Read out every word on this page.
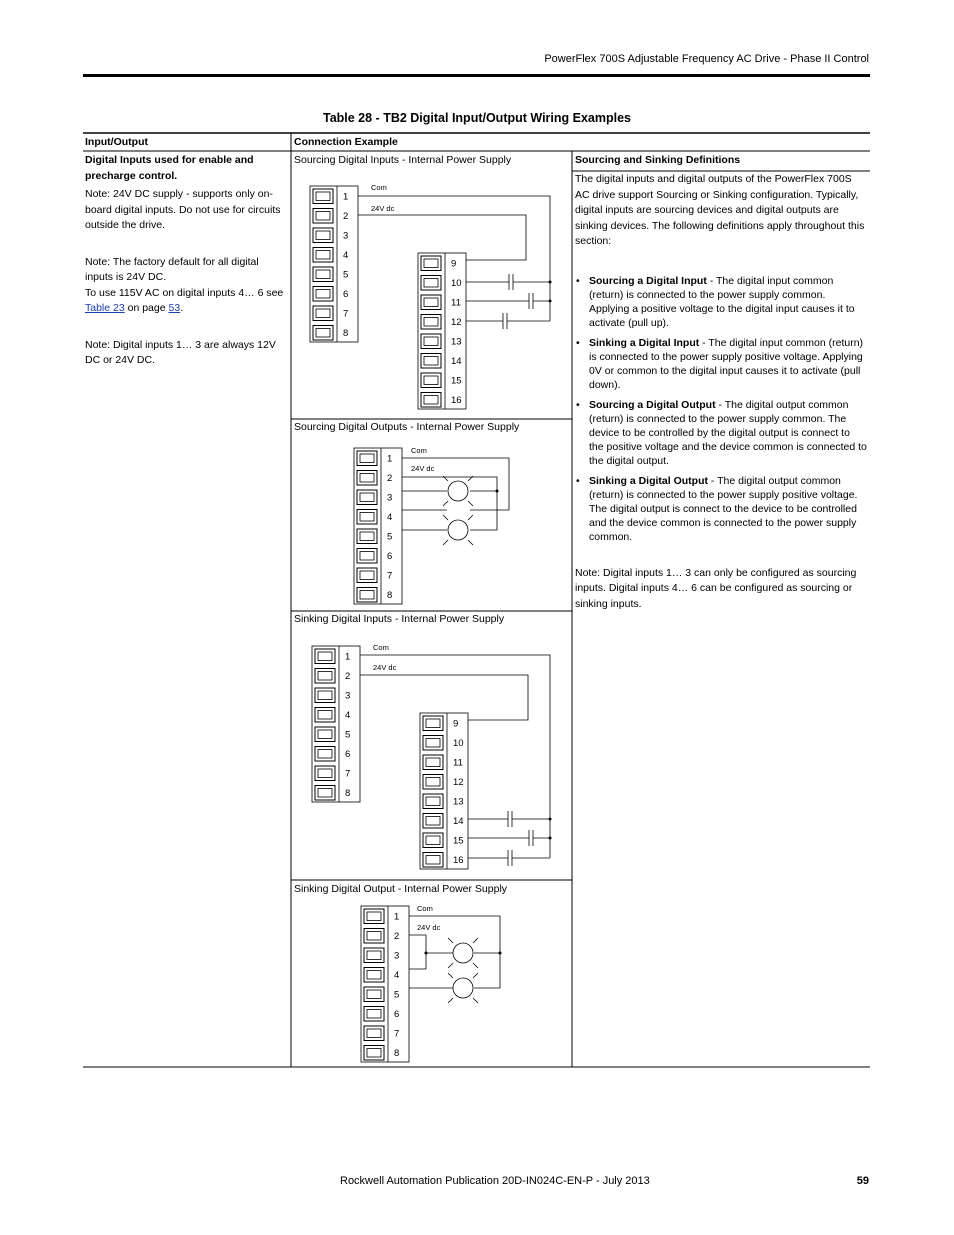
PowerFlex 700S Adjustable Frequency AC Drive - Phase II Control
Table 28 - TB2 Digital Input/Output Wiring Examples
Input/Output	Connection Example
Digital Inputs used for enable and precharge control.
Note: 24V DC supply - supports only on-board digital inputs. Do not use for circuits outside the drive.
Note: The factory default for all digital inputs is 24V DC.
To use 115V AC on digital inputs 4… 6 see Table 23 on page 53.
Note: Digital inputs 1… 3 are always 12V DC or 24V DC.
Sourcing Digital Inputs - Internal Power Supply
Sourcing Digital Outputs - Internal Power Supply
Sinking Digital Inputs - Internal Power Supply
Sinking Digital Output - Internal Power Supply
1
2
3
4
5
6
7
8
9
10
11
12
13
14
15
16
Com
24V dc
1
2
3
4
5
6
7
8
Com
24V dc
1
2
3
4
5
6
7
8
9
10
11
12
13
14
15
16
Com
24V dc
1
2
3
4
5
6
7
8
Com
24V dc
Sourcing and Sinking Definitions
The digital inputs and digital outputs of the PowerFlex 700S AC drive support Sourcing or Sinking configuration. Typically, digital inputs are sourcing devices and digital outputs are sinking devices. The following definitions apply throughout this section:
• Sourcing a Digital Input - The digital input common (return) is connected to the power supply common. Applying a positive voltage to the digital input causes it to activate (pull up).
• Sinking a Digital Input - The digital input common (return) is connected to the power supply positive voltage. Applying 0V or common to the digital input causes it to activate (pull down).
• Sourcing a Digital Output - The digital output common (return) is connected to the power supply common. The device to be controlled by the digital output is connect to the positive voltage and the device common is connected to the digital output.
• Sinking a Digital Output - The digital output common (return) is connected to the power supply positive voltage. The digital output is connect to the device to be controlled and the device common is connected to the power supply common.
Note: Digital inputs 1… 3 can only be configured as sourcing inputs. Digital inputs 4… 6 can be configured as sourcing or sinking inputs.
Rockwell Automation Publication 20D-IN024C-EN-P - July 2013	59
